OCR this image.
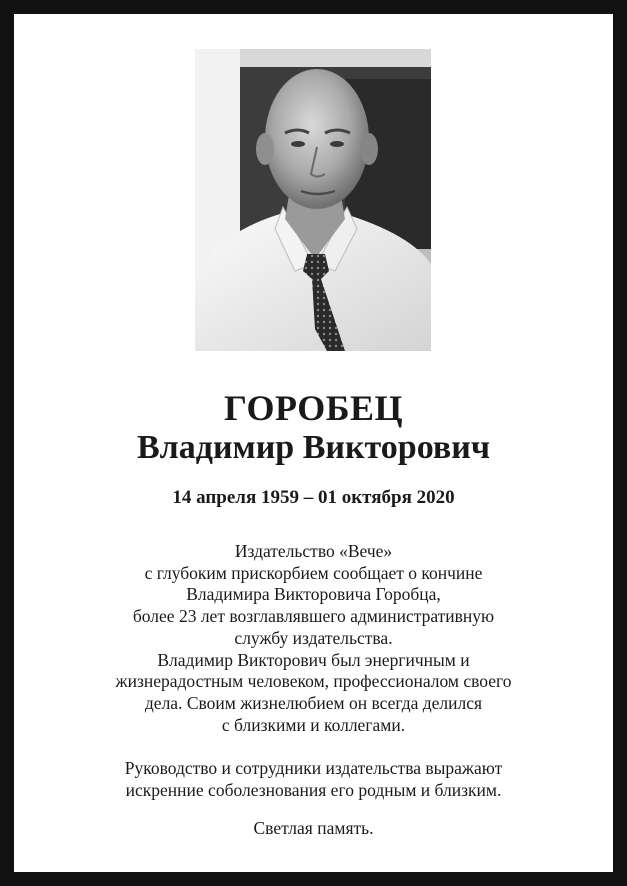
ГОРОБЕЦ
Владимир Викторович
14 апреля 1959 – 01 октября 2020
Издательство «Вече»
с глубоким прискорбием сообщает о кончине
Владимира Викторовича Горобца,
более 23 лет возглавлявшего административную
службу издательства.
Владимир Викторович был энергичным и
жизнерадостным человеком, профессионалом своего
дела. Своим жизнелюбием он всегда делился
с близкими и коллегами.
Руководство и сотрудники издательства выражают
искренние соболезнования его родным и близким.
Светлая память.
